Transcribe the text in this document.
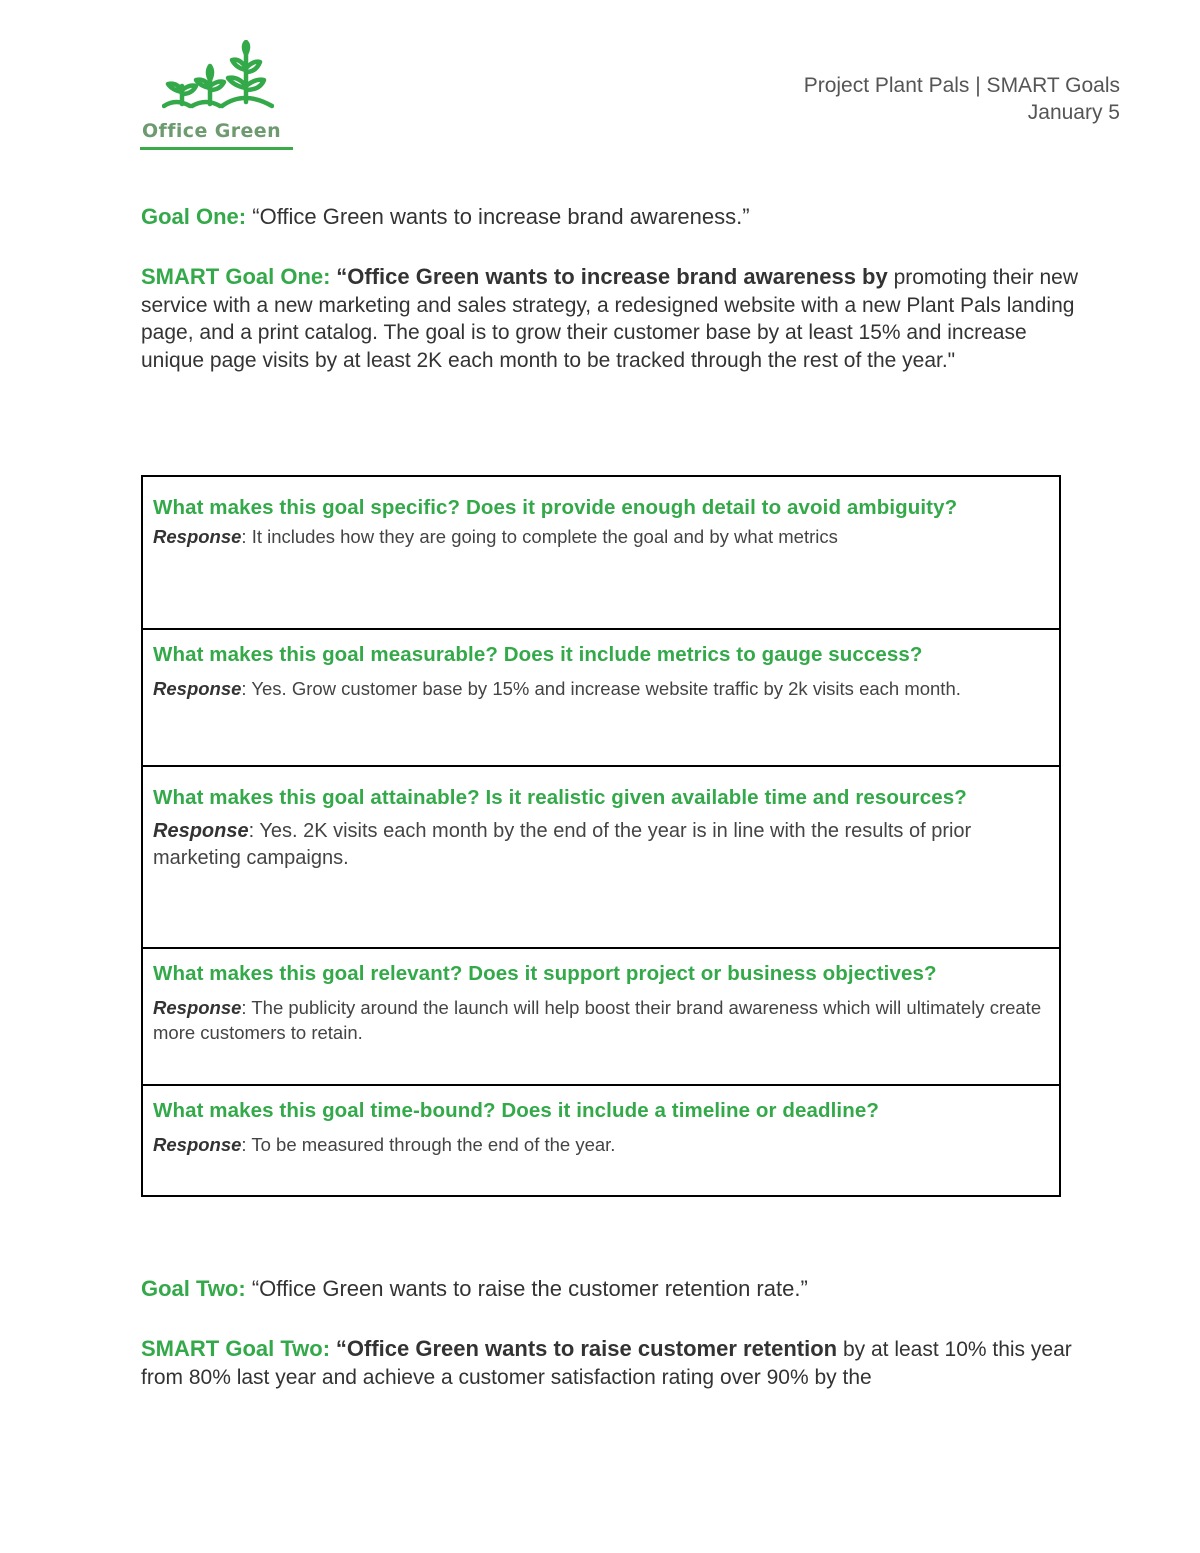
Office Green
Project Plant Pals | SMART Goals
January 5
Goal One: “Office Green wants to increase brand awareness.”
SMART Goal One: “Office Green wants to increase brand awareness by promoting their new service with a new marketing and sales strategy, a redesigned website with a new Plant Pals landing page, and a print catalog. The goal is to grow their customer base by at least 15% and increase unique page visits by at least 2K each month to be tracked through the rest of the year."
What makes this goal specific? Does it provide enough detail to avoid ambiguity?
Response: It includes how they are going to complete the goal and by what metrics
What makes this goal measurable? Does it include metrics to gauge success?
Response: Yes. Grow customer base by 15% and increase website traffic by 2k visits each month.
What makes this goal attainable? Is it realistic given available time and resources?
Response: Yes. 2K visits each month by the end of the year is in line with the results of prior marketing campaigns.
What makes this goal relevant? Does it support project or business objectives?
Response: The publicity around the launch will help boost their brand awareness which will ultimately create more customers to retain.
What makes this goal time-bound? Does it include a timeline or deadline?
Response: To be measured through the end of the year.
Goal Two: “Office Green wants to raise the customer retention rate.”
SMART Goal Two: “Office Green wants to raise customer retention by at least 10% this year from 80% last year and achieve a customer satisfaction rating over 90% by the
